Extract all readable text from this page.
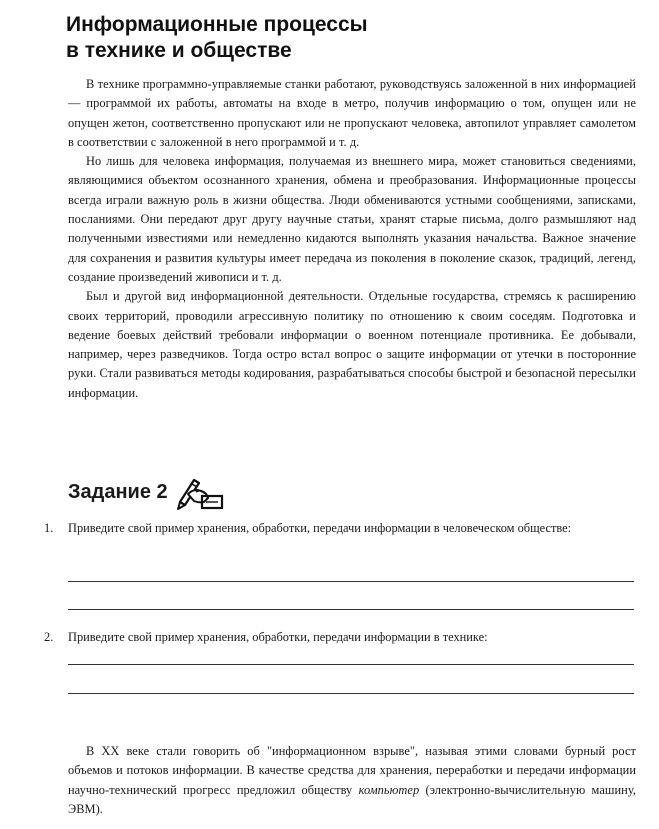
Информационные процессы
в технике и обществе

В технике программно-управляемые станки работают, руководствуясь заложенной в них информацией — программой их работы, автоматы на входе в метро, получив информацию о том, опущен или не опущен жетон, соответственно пропускают или не пропускают человека, автопилот управляет самолетом в соответствии с заложенной в него программой и т. д.

Но лишь для человека информация, получаемая из внешнего мира, может становиться сведениями, являющимися объектом осознанного хранения, обмена и преобразования. Информационные процессы всегда играли важную роль в жизни общества. Люди обмениваются устными сообщениями, записками, посланиями. Они передают друг другу научные статьи, хранят старые письма, долго размышляют над полученными известиями или немедленно кидаются выполнять указания начальства. Важное значение для сохранения и развития культуры имеет передача из поколения в поколение сказок, традиций, легенд, создание произведений живописи и т. д.

Был и другой вид информационной деятельности. Отдельные государства, стремясь к расширению своих территорий, проводили агрессивную политику по отношению к своим соседям. Подготовка и ведение боевых действий требовали информации о военном потенциале противника. Ее добывали, например, через разведчиков. Тогда остро встал вопрос о защите информации от утечки в посторонние руки. Стали развиваться методы кодирования, разрабатываться способы быстрой и безопасной пересылки информации.

Задание 2
1.	Приведите свой пример хранения, обработки, передачи информации в человеческом обществе:
2.	Приведите свой пример хранения, обработки, передачи информации в технике:

В XX веке стали говорить об "информационном взрыве", называя этими словами бурный рост объемов и потоков информации. В качестве средства для хранения, переработки и передачи информации научно-технический прогресс предложил обществу компьютер (электронно-вычислительную машину, ЭВМ).
